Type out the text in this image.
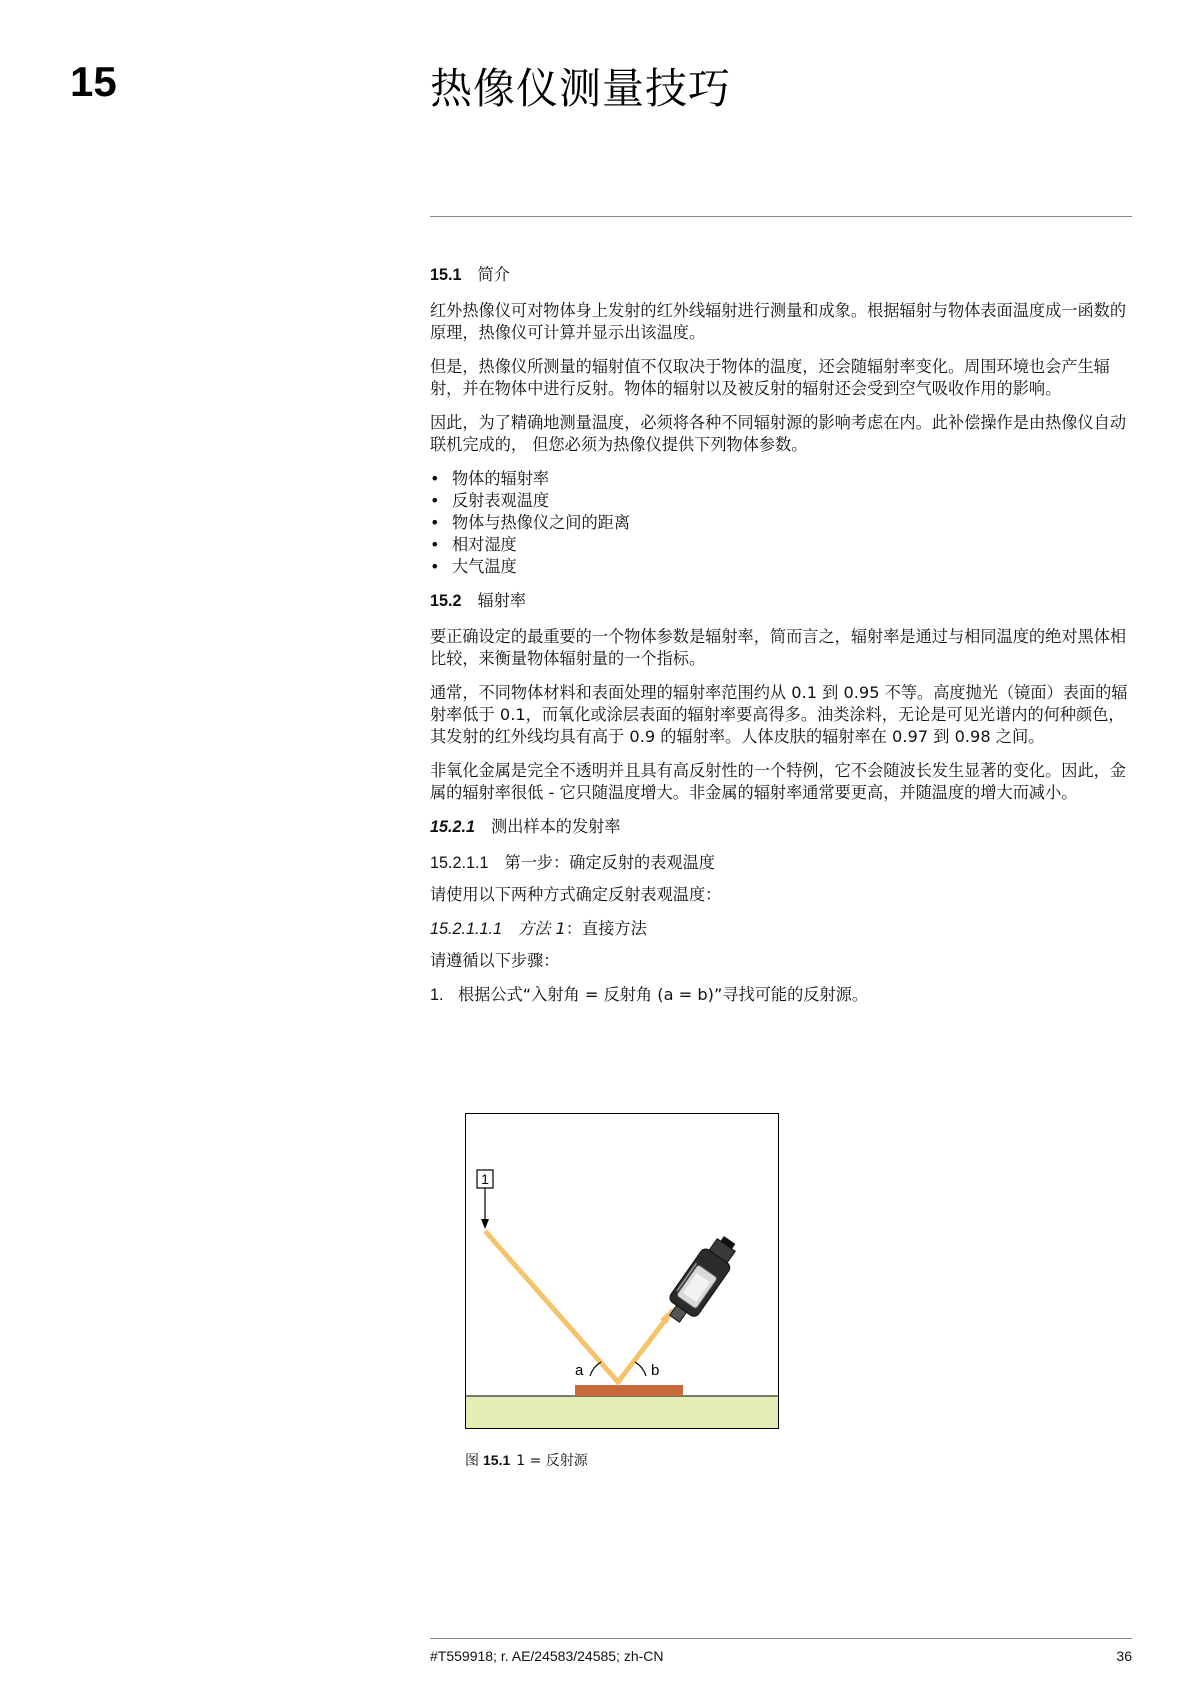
15	热像仪测量技巧
15.1 简介

红外热像仪可对物体身上发射的红外线辐射进行测量和成象。根据辐射与物体表面温度成一函数的原理，热像仪可计算并显示出该温度。

但是，热像仪所测量的辐射值不仅取决于物体的温度，还会随辐射率变化。周围环境也会产生辐射，并在物体中进行反射。物体的辐射以及被反射的辐射还会受到空气吸收作用的影响。

因此，为了精确地测量温度，必须将各种不同辐射源的影响考虑在内。此补偿操作是由热像仪自动联机完成的， 但您必须为热像仪提供下列物体参数。

• 物体的辐射率
• 反射表观温度
• 物体与热像仪之间的距离
• 相对湿度
• 大气温度
15.2 辐射率

要正确设定的最重要的一个物体参数是辐射率，简而言之，辐射率是通过与相同温度的绝对黑体相比较，来衡量物体辐射量的一个指标。

通常，不同物体材料和表面处理的辐射率范围约从 0.1 到 0.95 不等。高度抛光（镜面）表面的辐射率低于 0.1，而氧化或涂层表面的辐射率要高得多。油类涂料，无论是可见光谱内的何种颜色，其发射的红外线均具有高于 0.9 的辐射率。人体皮肤的辐射率在 0.97 到 0.98 之间。

非氧化金属是完全不透明并且具有高反射性的一个特例，它不会随波长发生显著的变化。因此，金属的辐射率很低 - 它只随温度增大。非金属的辐射率通常要更高，并随温度的增大而减小。

15.2.1 测出样本的发射率
15.2.1.1 第一步：确定反射的表观温度

请使用以下两种方式确定反射表观温度：

15.2.1.1.1 方法 1：直接方法

请遵循以下步骤：

1. 根据公式“入射角 = 反射角 (a = b)”寻找可能的反射源。
a	b
1
图 15.1 1 = 反射源
#T559918; r. AE/24583/24585; zh-CN	36
